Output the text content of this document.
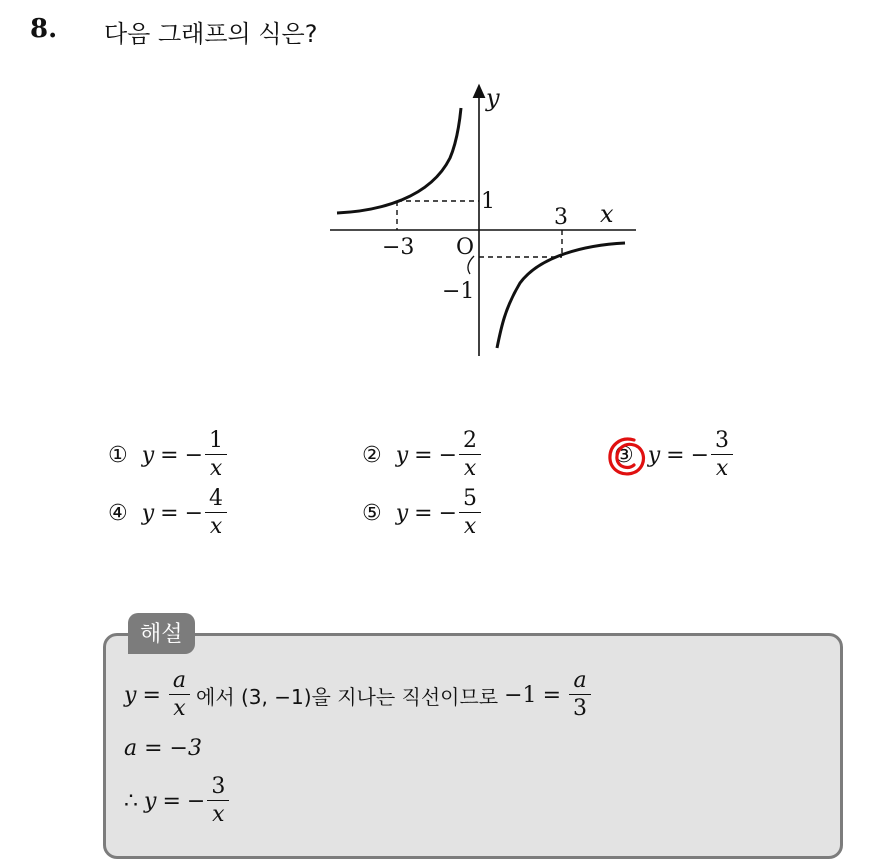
8. 다음 그래프의 식은?
y
x
O
−3
3
1
−1
① y = − $\frac{1}{x}$	② y = − $\frac{2}{x}$	③ y = − $\frac{3}{x}$
④ y = − $\frac{4}{x}$	⑤ y = − $\frac{5}{x}$
해설
$y = \frac{a}{x}$ 에서 (3, −1)을 지나는 직선이므로 $-1 = \frac{a}{3}$
a = −3
∴ y = − $\frac{3}{x}$
